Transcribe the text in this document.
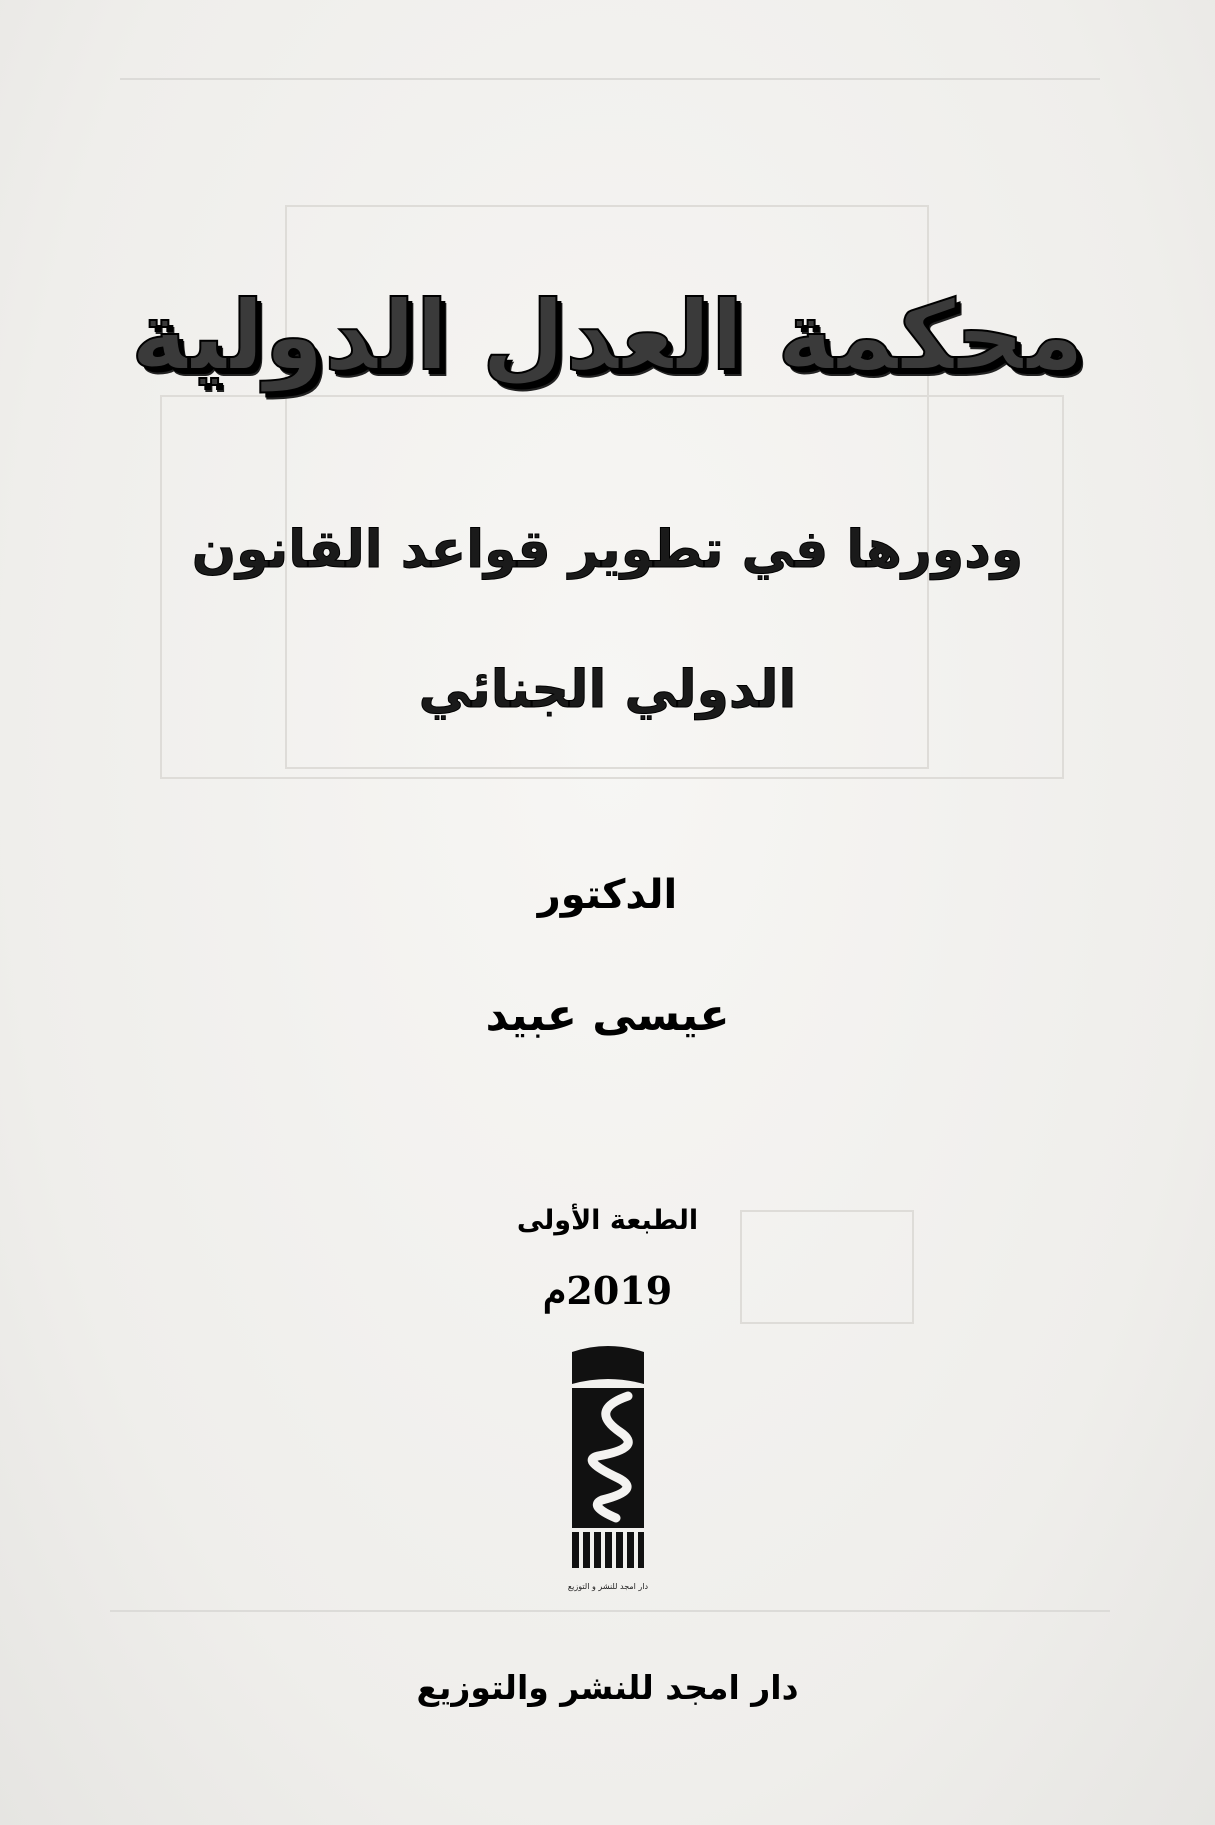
محكمة العدل الدولية
ودورها في تطوير قواعد القانون
الدولي الجنائي
الدكتور
عيسى عبيد
الطبعة الأولى
2019م
دار امجد للنشر و التوزيع
دار امجد للنشر والتوزيع
